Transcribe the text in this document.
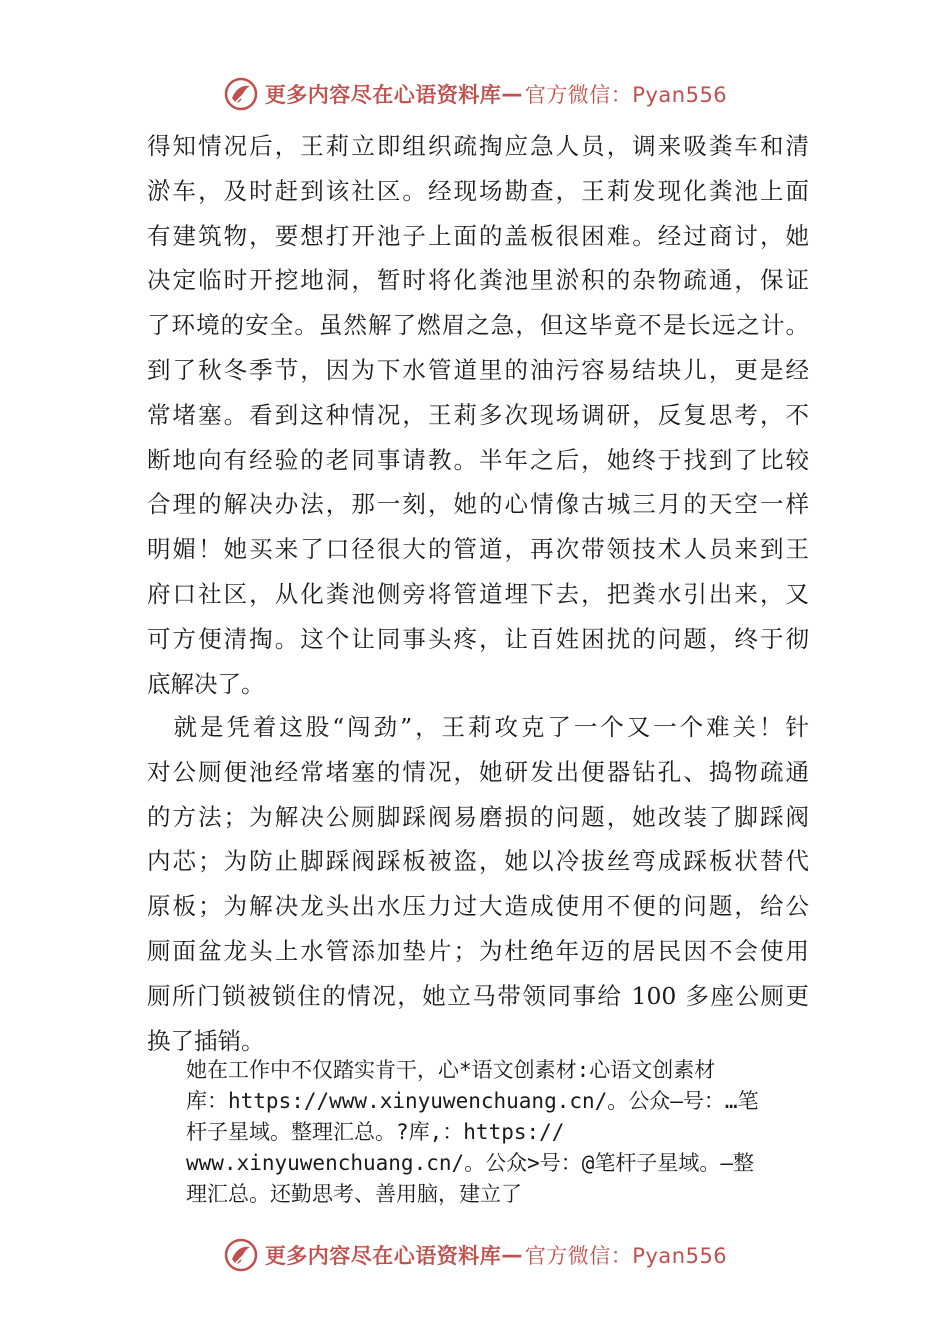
更多内容尽在心语资料库 — 官方微信：Pyan556
得知情况后，王莉立即组织疏掏应急人员，调来吸粪车和清
淤车，及时赶到该社区。经现场勘查，王莉发现化粪池上面
有建筑物，要想打开池子上面的盖板很困难。经过商讨，她
决定临时开挖地洞，暂时将化粪池里淤积的杂物疏通，保证
了环境的安全。虽然解了燃眉之急，但这毕竟不是长远之计。
到了秋冬季节，因为下水管道里的油污容易结块儿，更是经
常堵塞。看到这种情况，王莉多次现场调研，反复思考，不
断地向有经验的老同事请教。半年之后，她终于找到了比较
合理的解决办法，那一刻，她的心情像古城三月的天空一样
明媚！她买来了口径很大的管道，再次带领技术人员来到王
府口社区，从化粪池侧旁将管道埋下去，把粪水引出来，又
可方便清掏。这个让同事头疼，让百姓困扰的问题，终于彻
底解决了。
　就是凭着这股“闯劲”，王莉攻克了一个又一个难关！针
对公厕便池经常堵塞的情况，她研发出便器钻孔、捣物疏通
的方法；为解决公厕脚踩阀易磨损的问题，她改装了脚踩阀
内芯；为防止脚踩阀踩板被盗，她以冷拔丝弯成踩板状替代
原板；为解决龙头出水压力过大造成使用不便的问题，给公
厕面盆龙头上水管添加垫片；为杜绝年迈的居民因不会使用
厕所门锁被锁住的情况，她立马带领同事给 100 多座公厕更
换了插销。
她在工作中不仅踏实肯干，心*语文创素材:心语文创素材
库：https://www.xinyuwenchuang.cn/。公众—号：…笔
杆子星域。整理汇总。?库,：https://
www.xinyuwenchuang.cn/。公众>号：@笔杆子星域。—整
理汇总。还勤思考、善用脑，建立了
更多内容尽在心语资料库 — 官方微信：Pyan556
